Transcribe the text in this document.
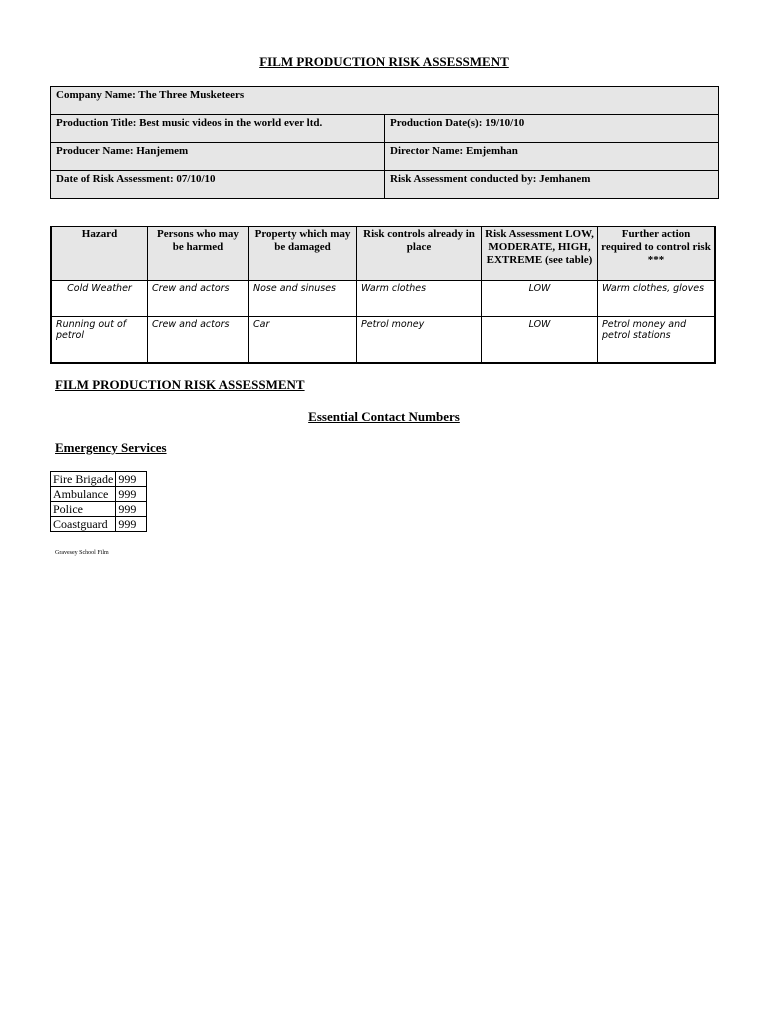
FILM PRODUCTION RISK ASSESSMENT
Company Name: The Three Musketeers	
Production Title: Best music videos in the world ever ltd.	Production Date(s): 19/10/10
Producer Name: Hanjemem	Director Name: Emjemhan
Date of Risk Assessment: 07/10/10	Risk Assessment conducted by: Jemhanem
Hazard	Persons who may be harmed	Property which may be damaged	Risk controls already in place	Risk Assessment LOW, MODERATE, HIGH, EXTREME (see table)	Further action required to control risk ***
Cold Weather	Crew and actors	Nose and sinuses	Warm clothes	LOW	Warm clothes, gloves
Running out of petrol	Crew and actors	Car	Petrol money	LOW	Petrol money and petrol stations
FILM PRODUCTION RISK ASSESSMENT
Essential Contact Numbers
Emergency Services
Fire Brigade	999
Ambulance	999
Police	999
Coastguard	999
Gravesey School Film
